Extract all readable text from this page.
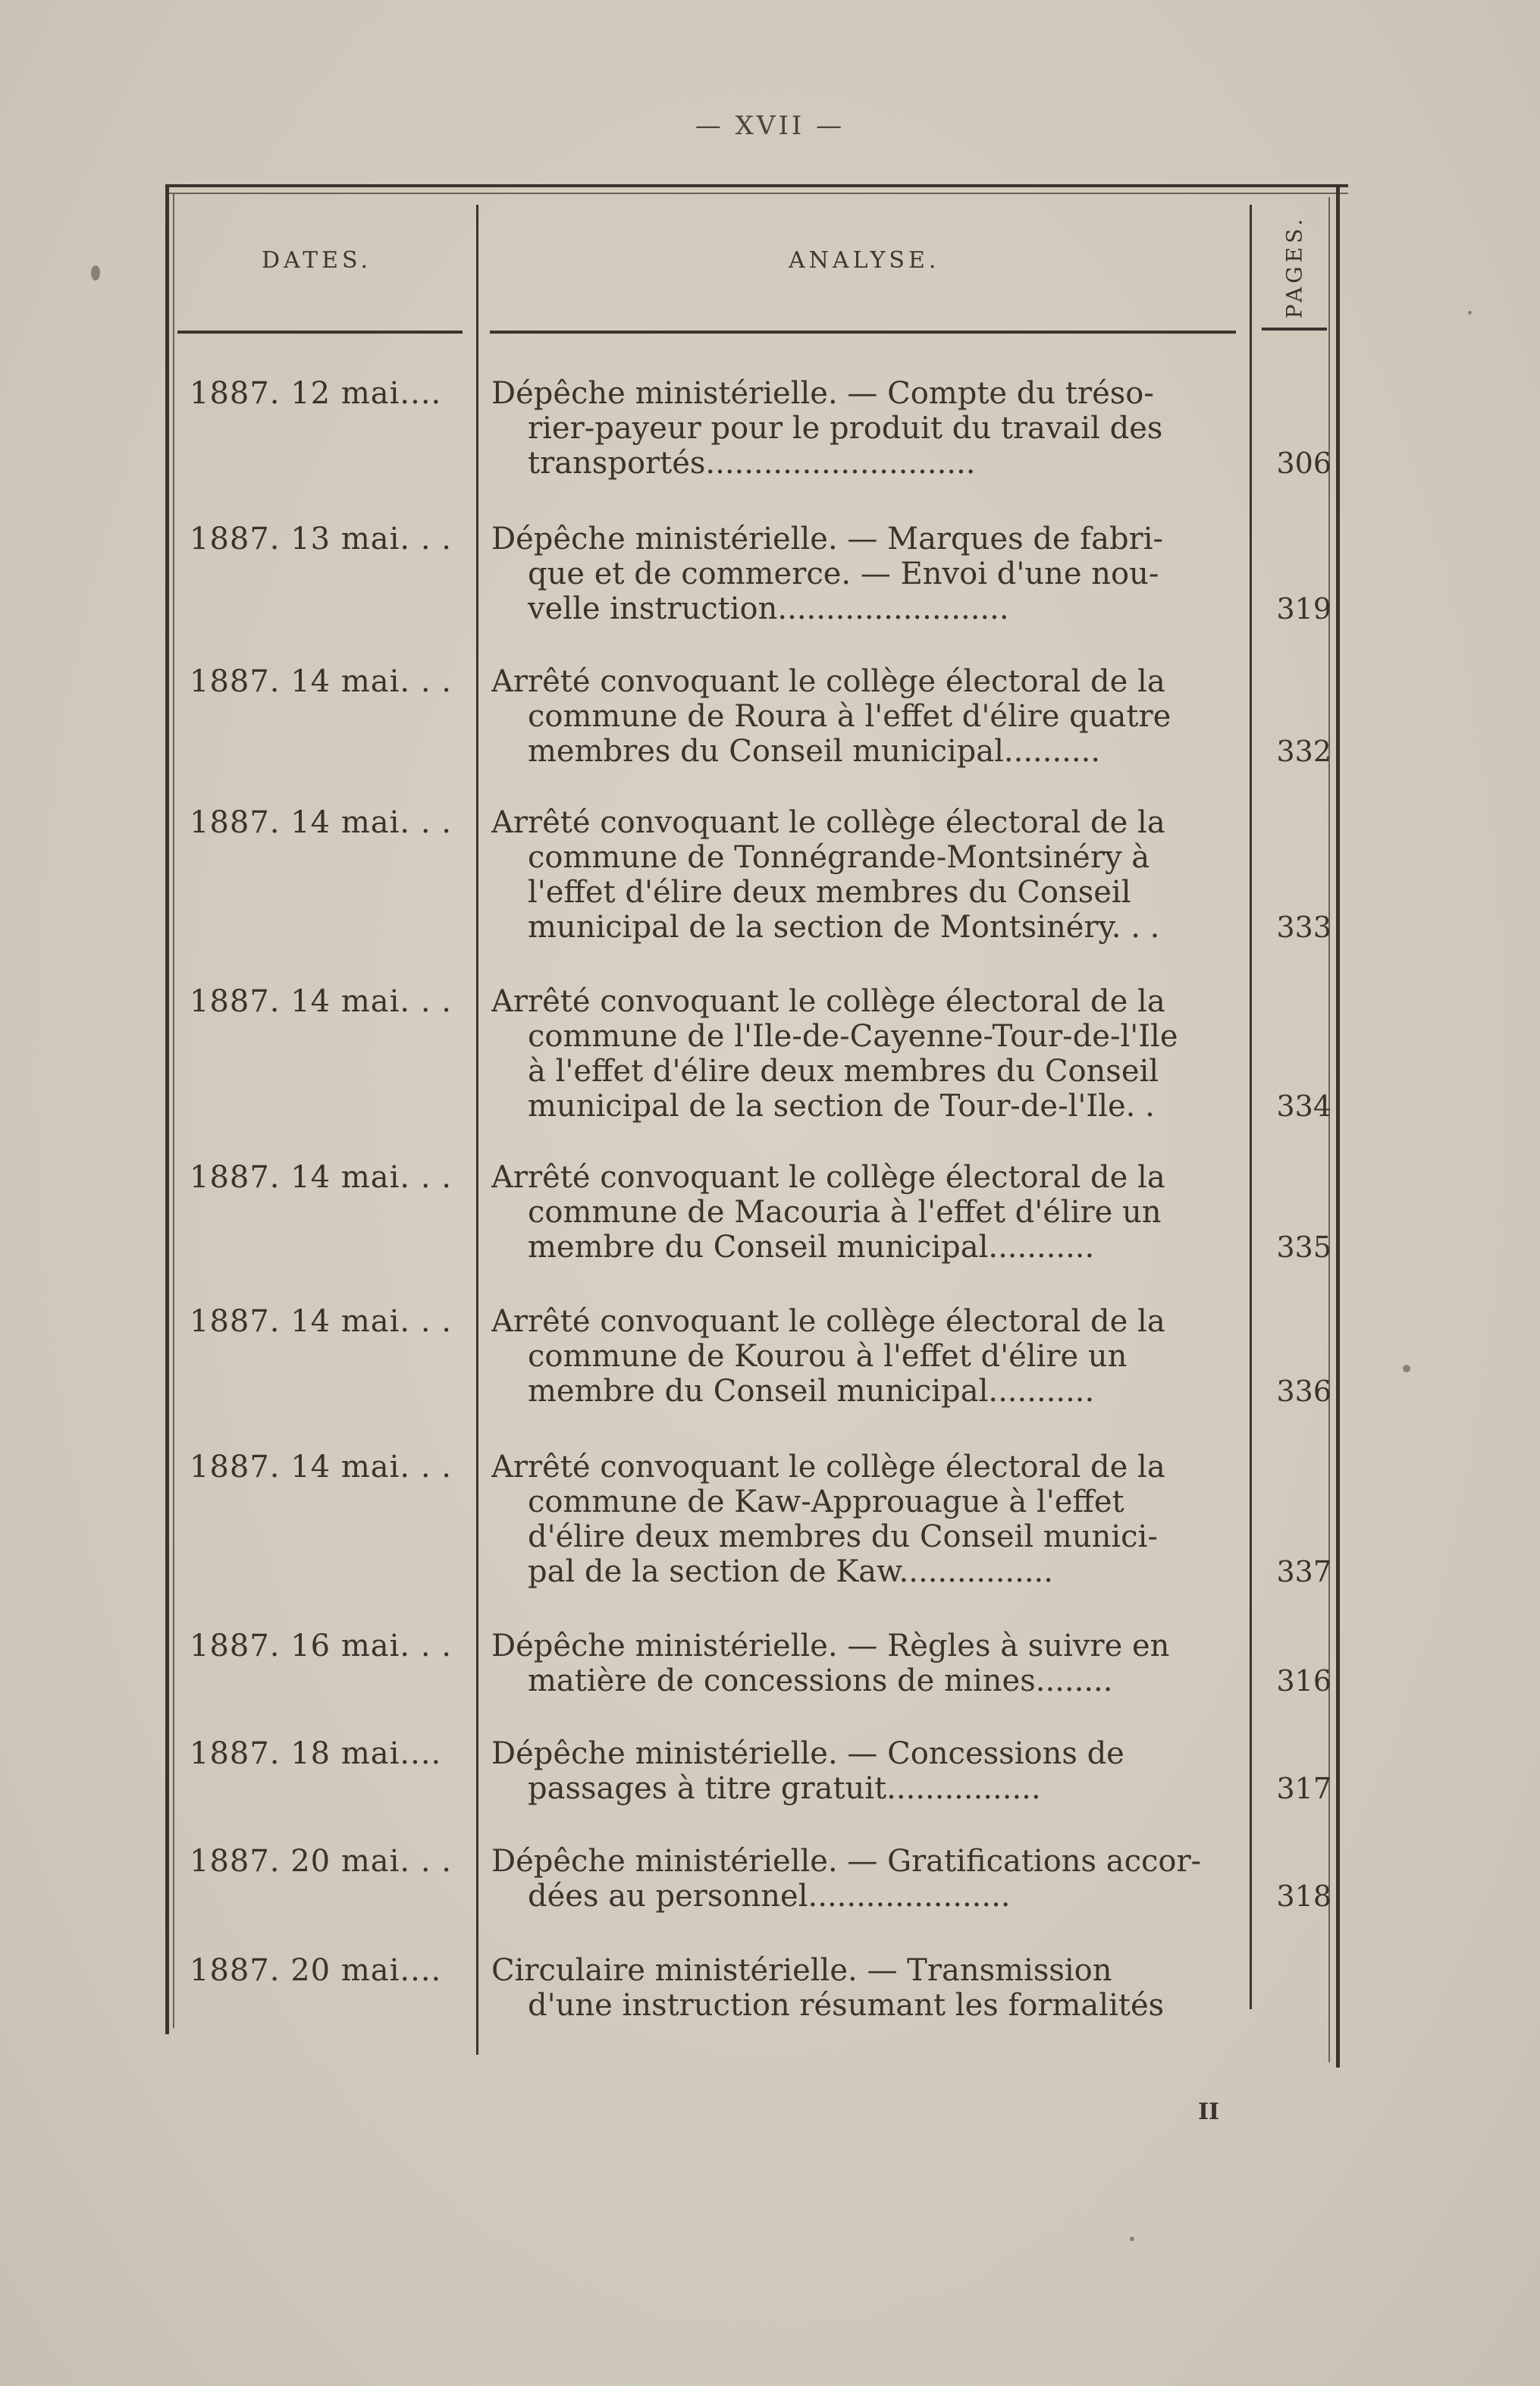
— XVII —
DATES.	ANALYSE.	PAGES.
1887. 12 mai....	Dépêche ministérielle. — Compte du tréso-
rier-payeur pour le produit du travail des
transportés............................	306
1887. 13 mai. . .	Dépêche ministérielle. — Marques de fabri-
que et de commerce. — Envoi d'une nou-
velle instruction........................	319
1887. 14 mai. . .	Arrêté convoquant le collège électoral de la
commune de Roura à l'effet d'élire quatre
membres du Conseil municipal..........	332
1887. 14 mai. . .	Arrêté convoquant le collège électoral de la
commune de Tonnégrande-Montsinéry à
l'effet d'élire deux membres du Conseil
municipal de la section de Montsinéry. . .	333
1887. 14 mai. . .	Arrêté convoquant le collège électoral de la
commune de l'Ile-de-Cayenne-Tour-de-l'Ile
à l'effet d'élire deux membres du Conseil
municipal de la section de Tour-de-l'Ile. .	334
1887. 14 mai. . .	Arrêté convoquant le collège électoral de la
commune de Macouria à l'effet d'élire un
membre du Conseil municipal...........	335
1887. 14 mai. . .	Arrêté convoquant le collège électoral de la
commune de Kourou à l'effet d'élire un
membre du Conseil municipal...........	336
1887. 14 mai. . .	Arrêté convoquant le collège électoral de la
commune de Kaw-Approuague à l'effet
d'élire deux membres du Conseil munici-
pal de la section de Kaw................	337
1887. 16 mai. . .	Dépêche ministérielle. — Règles à suivre en
matière de concessions de mines........	316
1887. 18 mai....	Dépêche ministérielle. — Concessions de
passages à titre gratuit................	317
1887. 20 mai. . .	Dépêche ministérielle. — Gratifications accor-
dées au personnel.....................	318
1887. 20 mai....	Circulaire ministérielle. — Transmission
d'une instruction résumant les formalités
II
